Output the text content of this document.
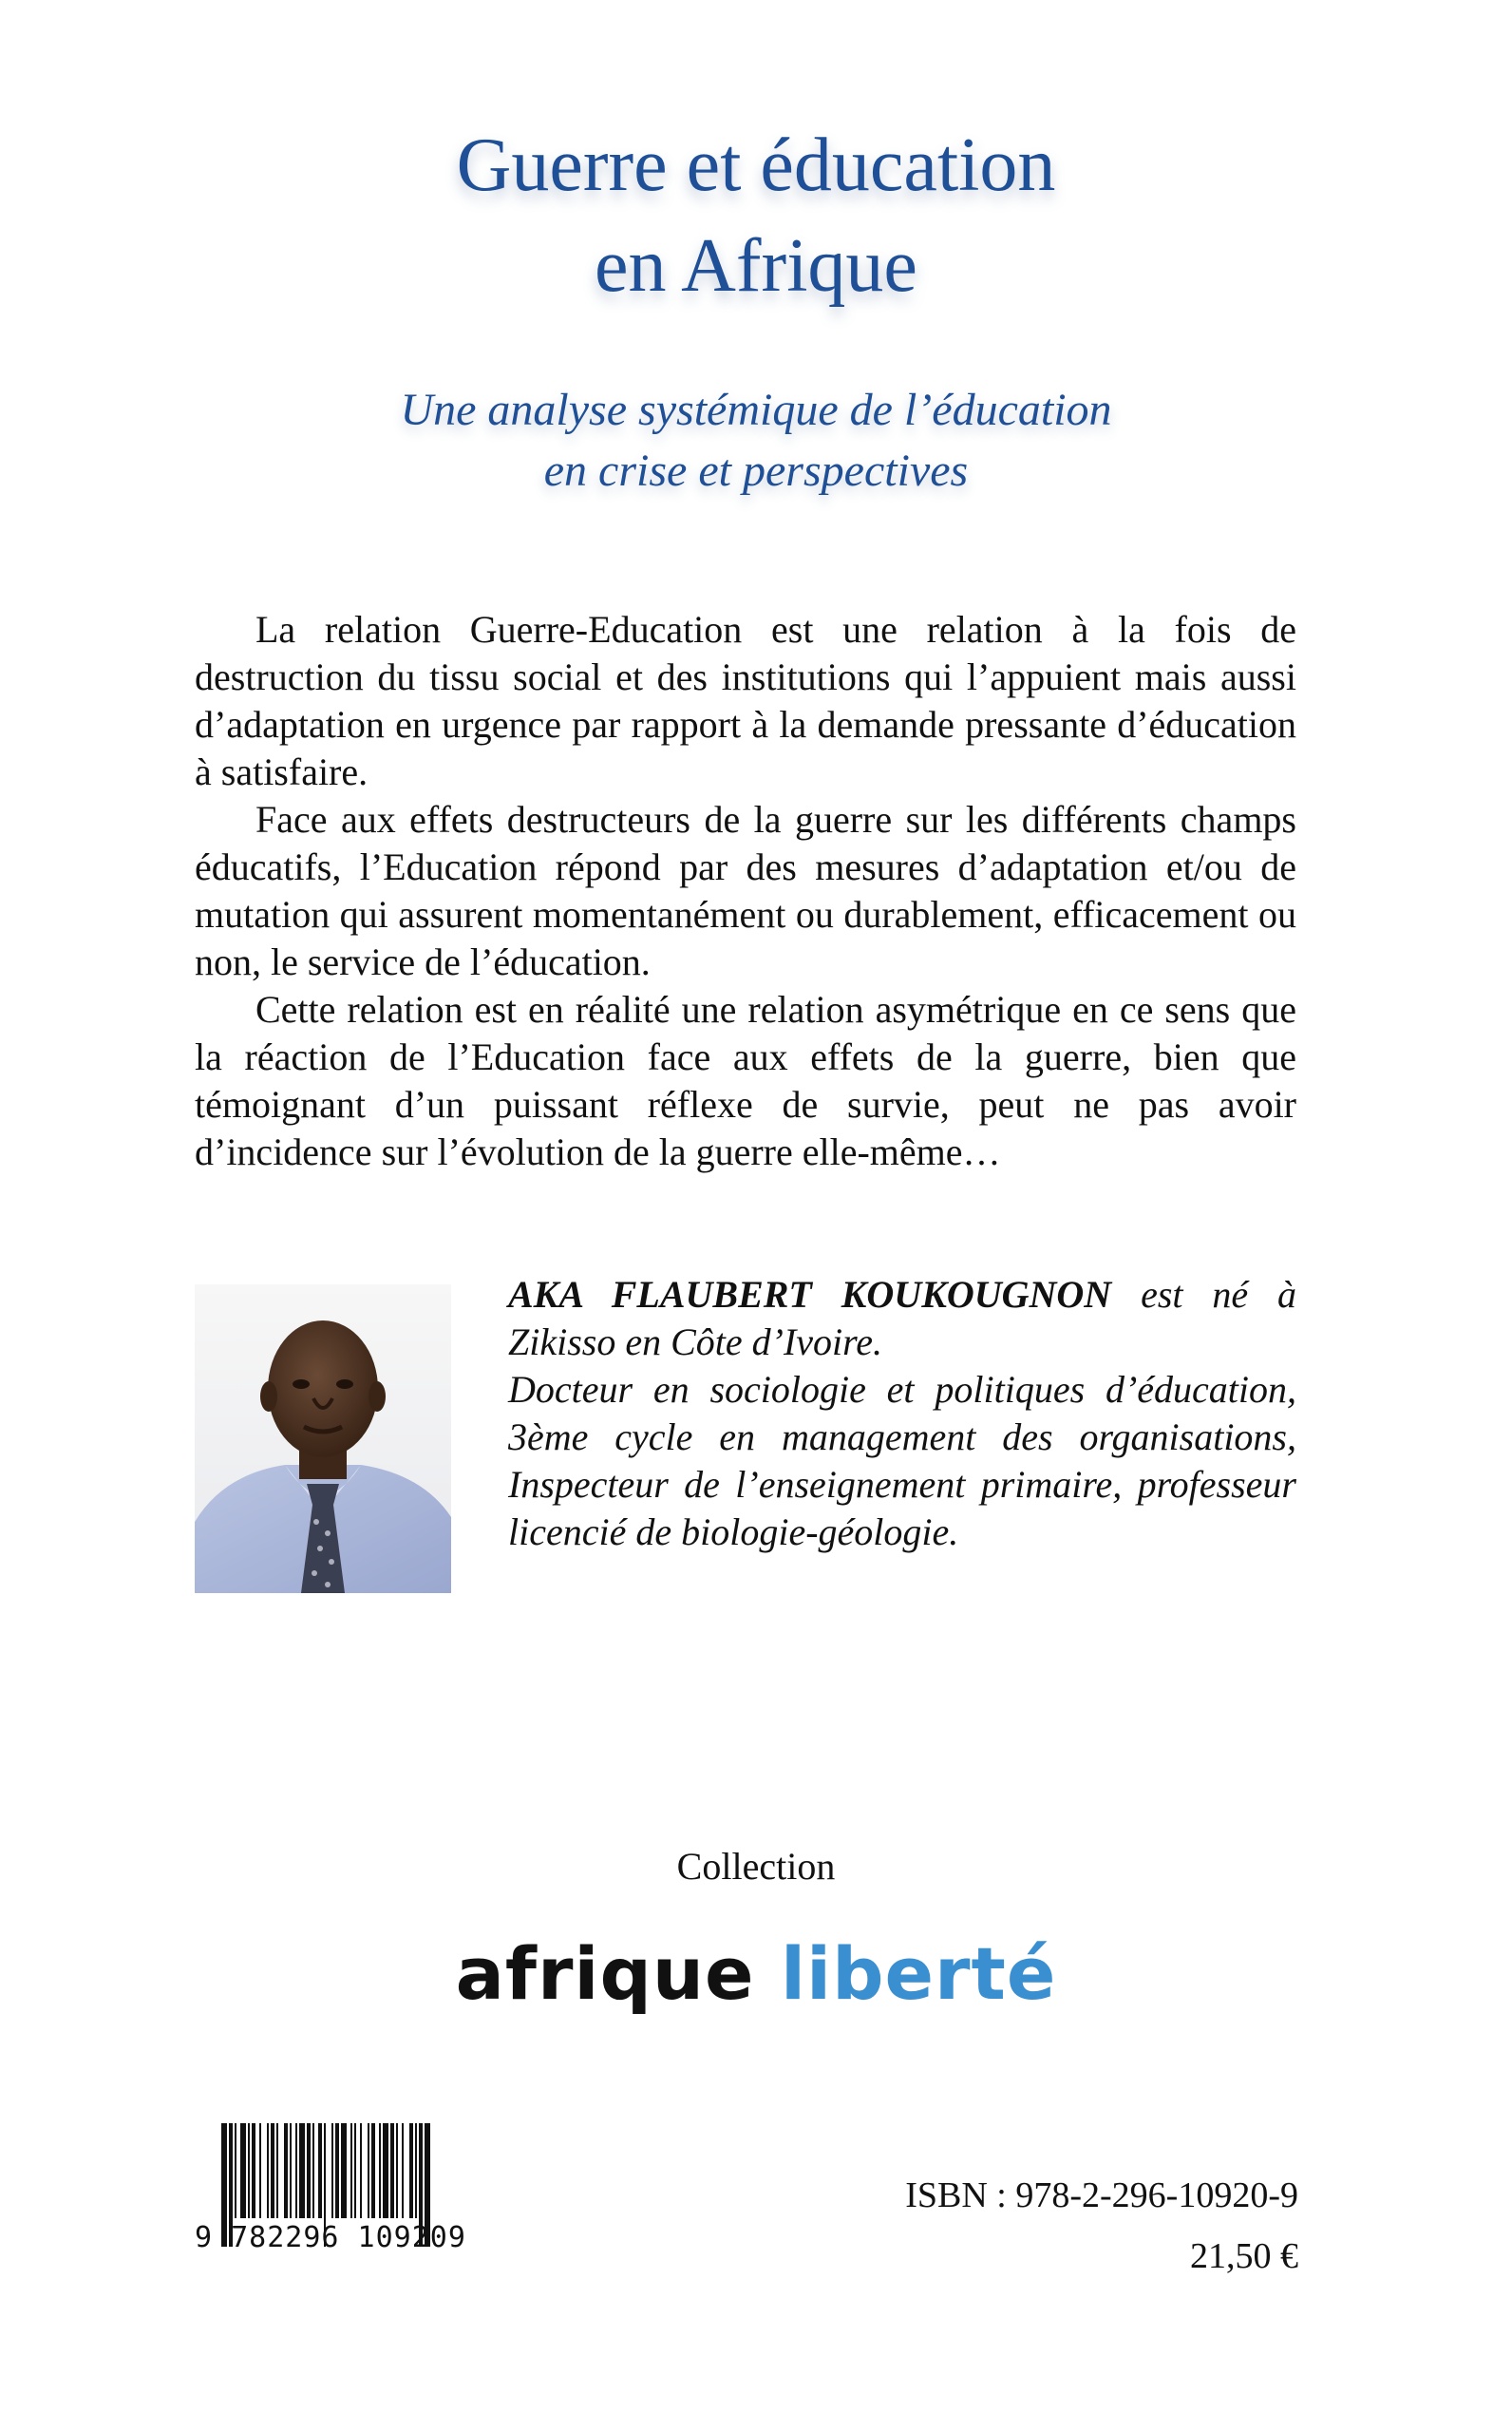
Guerre et éducation
en Afrique
Une analyse systémique de l’éducation
en crise et perspectives

La relation Guerre-Education est une relation à la fois de destruction du tissu social et des institutions qui l’appuient mais aussi d’adaptation en urgence par rapport à la demande pressante d’éducation à satisfaire.

Face aux effets destructeurs de la guerre sur les différents champs éducatifs, l’Education répond par des mesures d’adaptation et/ou de mutation qui assurent momentanément ou durablement, efficacement ou non, le service de l’éducation.

Cette relation est en réalité une relation asymétrique en ce sens que la réaction de l’Education face aux effets de la guerre, bien que témoignant d’un puissant réflexe de survie, peut ne pas avoir d’incidence sur l’évolution de la guerre elle-même…

AKA FLAUBERT KOUKOUGNON est né à Zikisso en Côte d’Ivoire.

Docteur en sociologie et politiques d’éducation, 3ème cycle en management des organisations, Inspecteur de l’enseignement primaire, professeur licencié de biologie-géologie.

Collection
afrique liberté
9 782296 109209
ISBN : 978-2-296-10920-9
21,50 €
